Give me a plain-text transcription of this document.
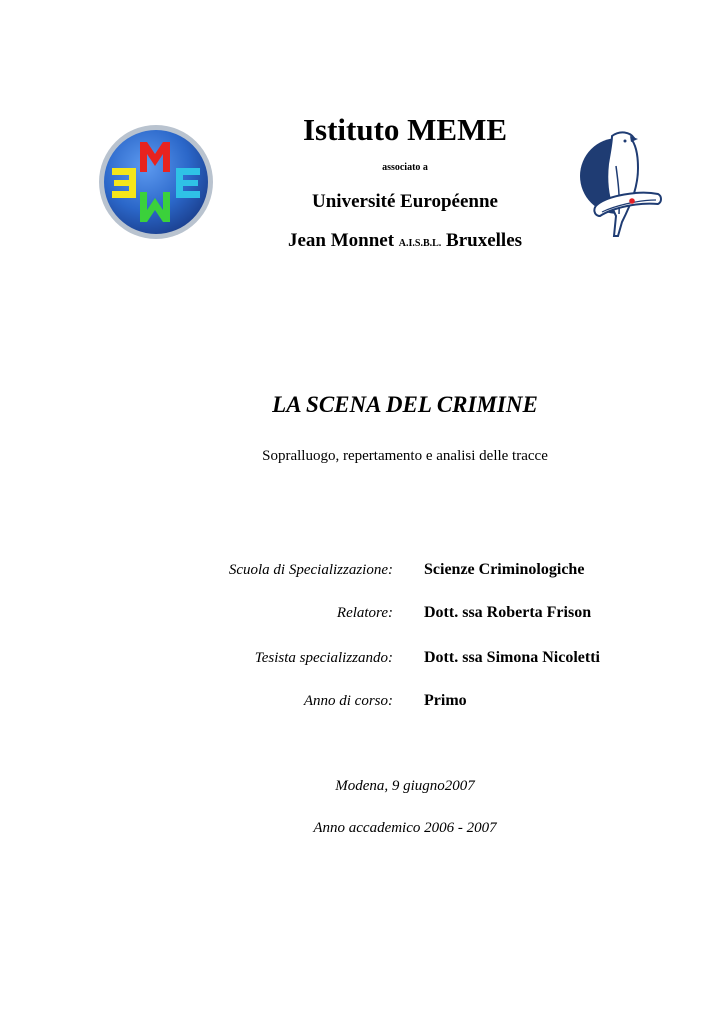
Istituto MEME
associato a
Université Européenne
Jean Monnet A.I.S.B.L. Bruxelles
LA SCENA DEL CRIMINE
Sopralluogo, repertamento e analisi delle tracce
Scuola di Specializzazione: Scienze Criminologiche
Relatore: Dott. ssa Roberta Frison
Tesista specializzando: Dott. ssa Simona Nicoletti
Anno di corso: Primo
Modena, 9 giugno2007
Anno accademico 2006 - 2007
